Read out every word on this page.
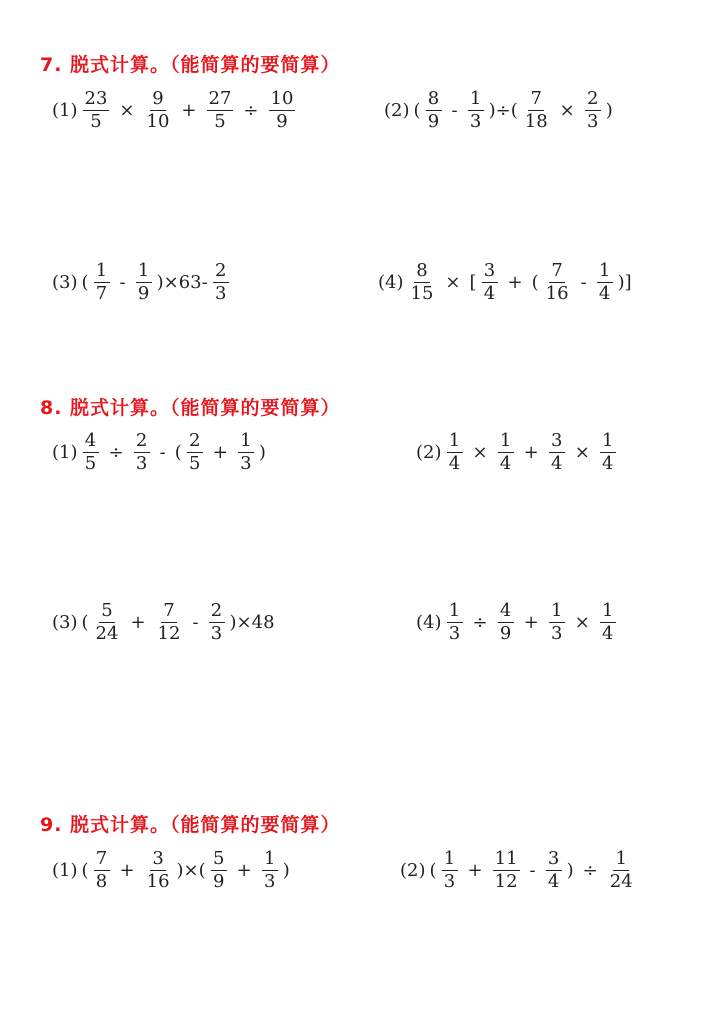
7. 脱式计算。（能简算的要简算）
$(1) \frac{23}{5} \times \frac{9}{10} + \frac{27}{5} \div \frac{10}{9}$	(2) ( $\frac{8}{9} - \frac{1}{3}$ )÷( $\frac{7}{18} \times \frac{2}{3}$ )
(3) ( $\frac{1}{7} - \frac{1}{9} )\times 63- \frac{2}{3}$	$(4) \frac{8}{15}$ × [ $\frac{3}{4}$ + ( $\frac{7}{16} - \frac{1}{4}$ )]
8. 脱式计算。（能简算的要简算）
$(1) \frac{4}{5} \div \frac{2}{3}$ - ( $\frac{2}{5} + \frac{1}{3}$ )	$(2) \frac{1}{4} \times \frac{1}{4} + \frac{3}{4} \times \frac{1}{4}$
(3) ( $\frac{5}{24} + \frac{7}{12} - \frac{2}{3} )\times 48$	$(4) \frac{1}{3} \div \frac{4}{9} + \frac{1}{3} \times \frac{1}{4}$
9. 脱式计算。（能简算的要简算）
(1) ( $\frac{7}{8} + \frac{3}{16}$ )×( $\frac{5}{9} + \frac{1}{3}$ )	(2) ( $\frac{1}{3} + \frac{11}{12} - \frac{3}{4}$ ) ÷ $\frac{1}{24}$
